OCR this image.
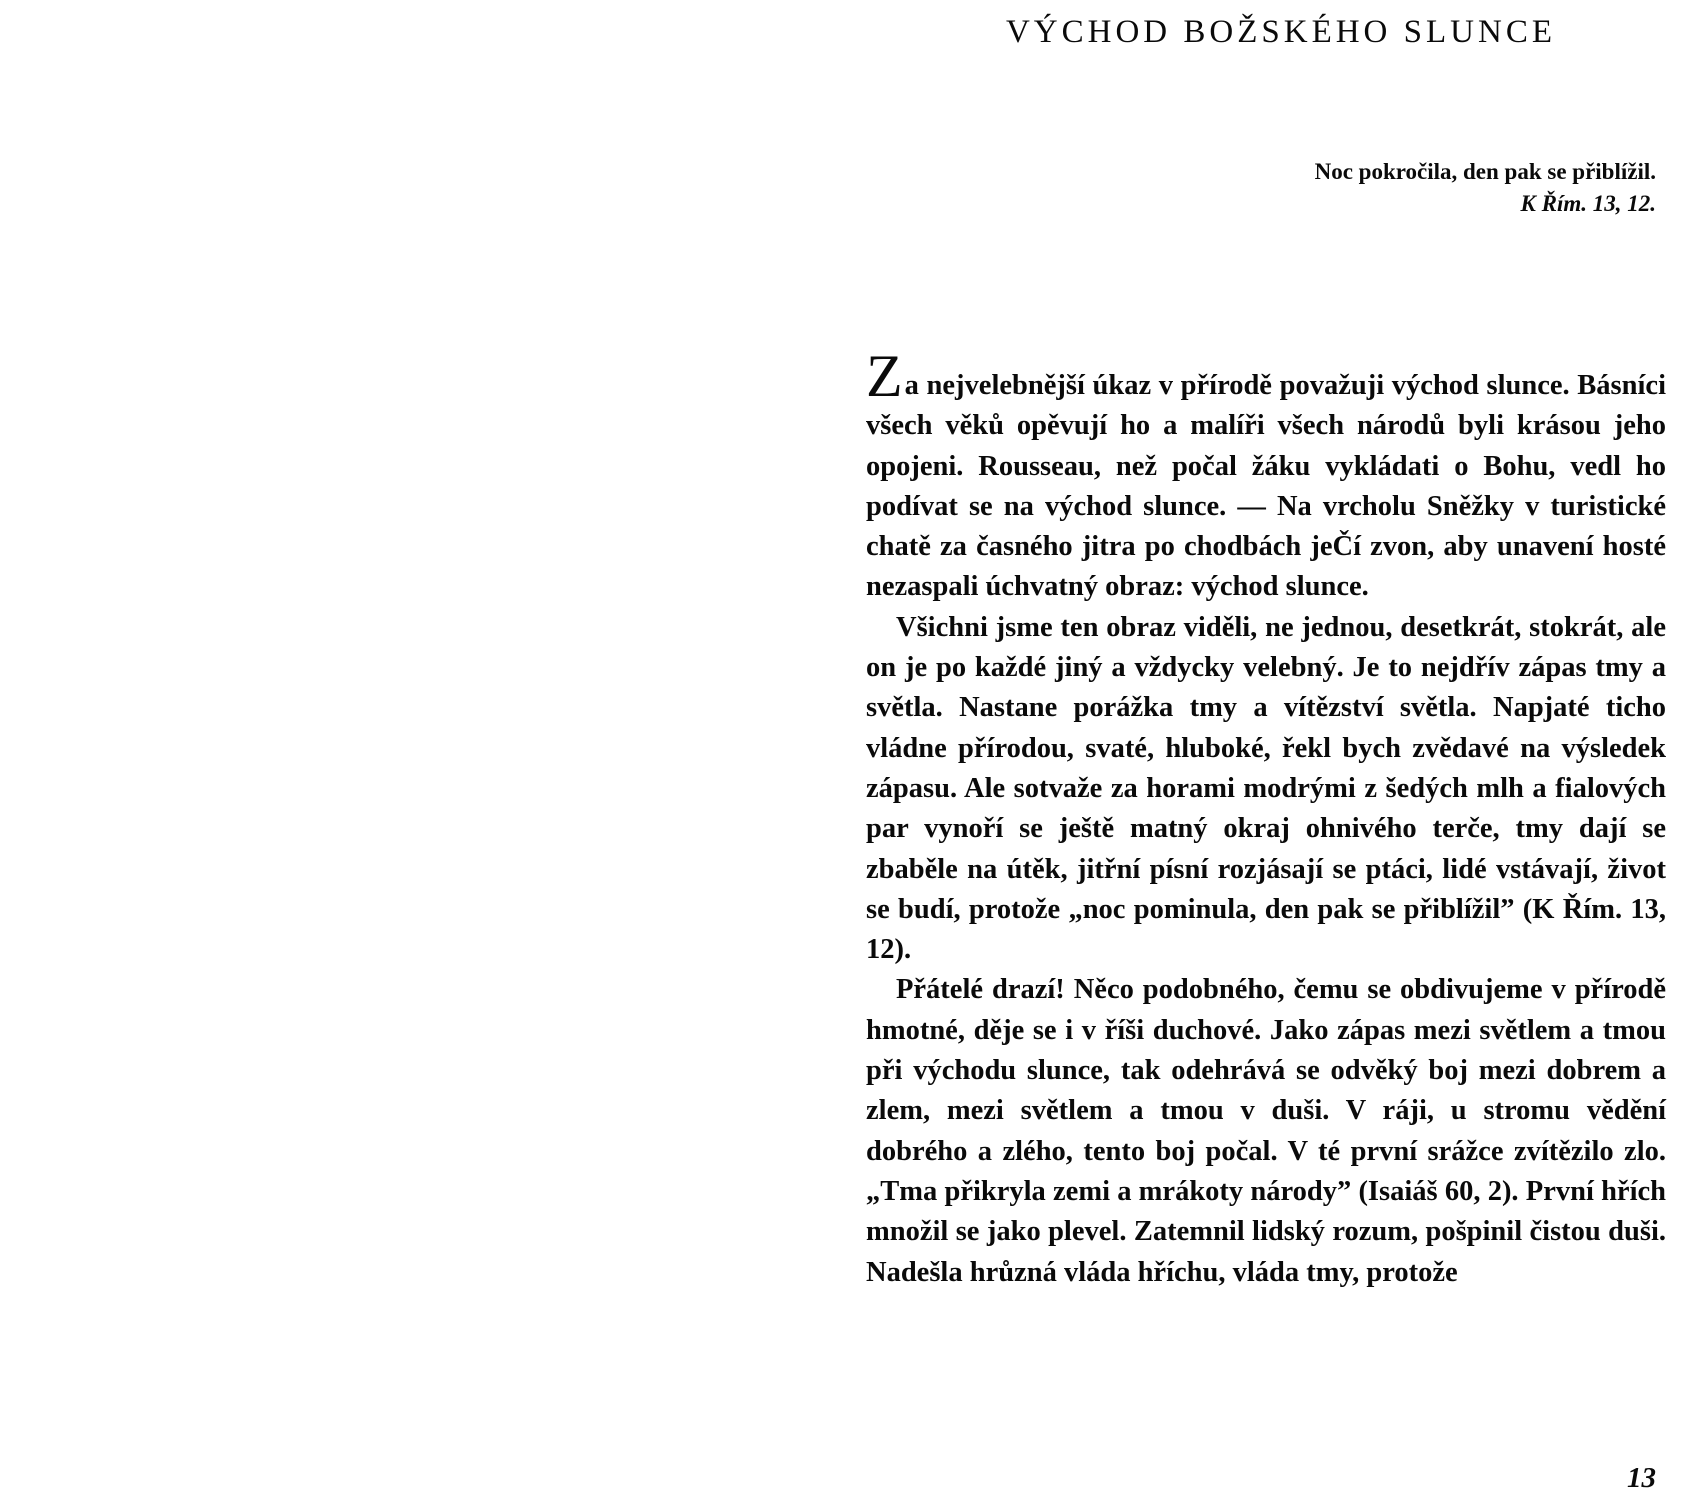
VÝCHOD BOŽSKÉHO SLUNCE
Noc pokročila, den pak se přiblížil.
K Řím. 13, 12.

Za nejvelebnější úkaz v přírodě považuji východ slunce. Básníci všech věků opěvují ho a malíři všech národů byli krásou jeho opojeni. Rousseau, než počal žáku vykládati o Bohu, vedl ho podívat se na východ slunce. — Na vrcholu Sněžky v turistické chatě za časného jitra po chodbách jeČí zvon, aby unavení hosté nezaspali úchvatný obraz: východ slunce.

Všichni jsme ten obraz viděli, ne jednou, desetkrát, stokrát, ale on je po každé jiný a vždycky velebný. Je to nejdřív zápas tmy a světla. Nastane porážka tmy a vítězství světla. Napjaté ticho vládne přírodou, svaté, hluboké, řekl bych zvědavé na výsledek zápasu. Ale sotvaže za horami modrými z šedých mlh a fialových par vynoří se ještě matný okraj ohnivého terče, tmy dají se zbaběle na útěk, jitřní písní rozjásají se ptáci, lidé vstávají, život se budí, protože „noc pominula, den pak se přiblížil” (K Řím. 13, 12).

Přátelé drazí! Něco podobného, čemu se obdivujeme v přírodě hmotné, děje se i v říši duchové. Jako zápas mezi světlem a tmou při východu slunce, tak odehrává se odvěký boj mezi dobrem a zlem, mezi světlem a tmou v duši. V ráji, u stromu vědění dobrého a zlého, tento boj počal. V té první srážce zvítězilo zlo. „Tma přikryla zemi a mrákoty národy” (Isaiáš 60, 2). První hřích množil se jako plevel. Zatemnil lidský rozum, pošpinil čistou duši. Nadešla hrůzná vláda hříchu, vláda tmy, protože

13
